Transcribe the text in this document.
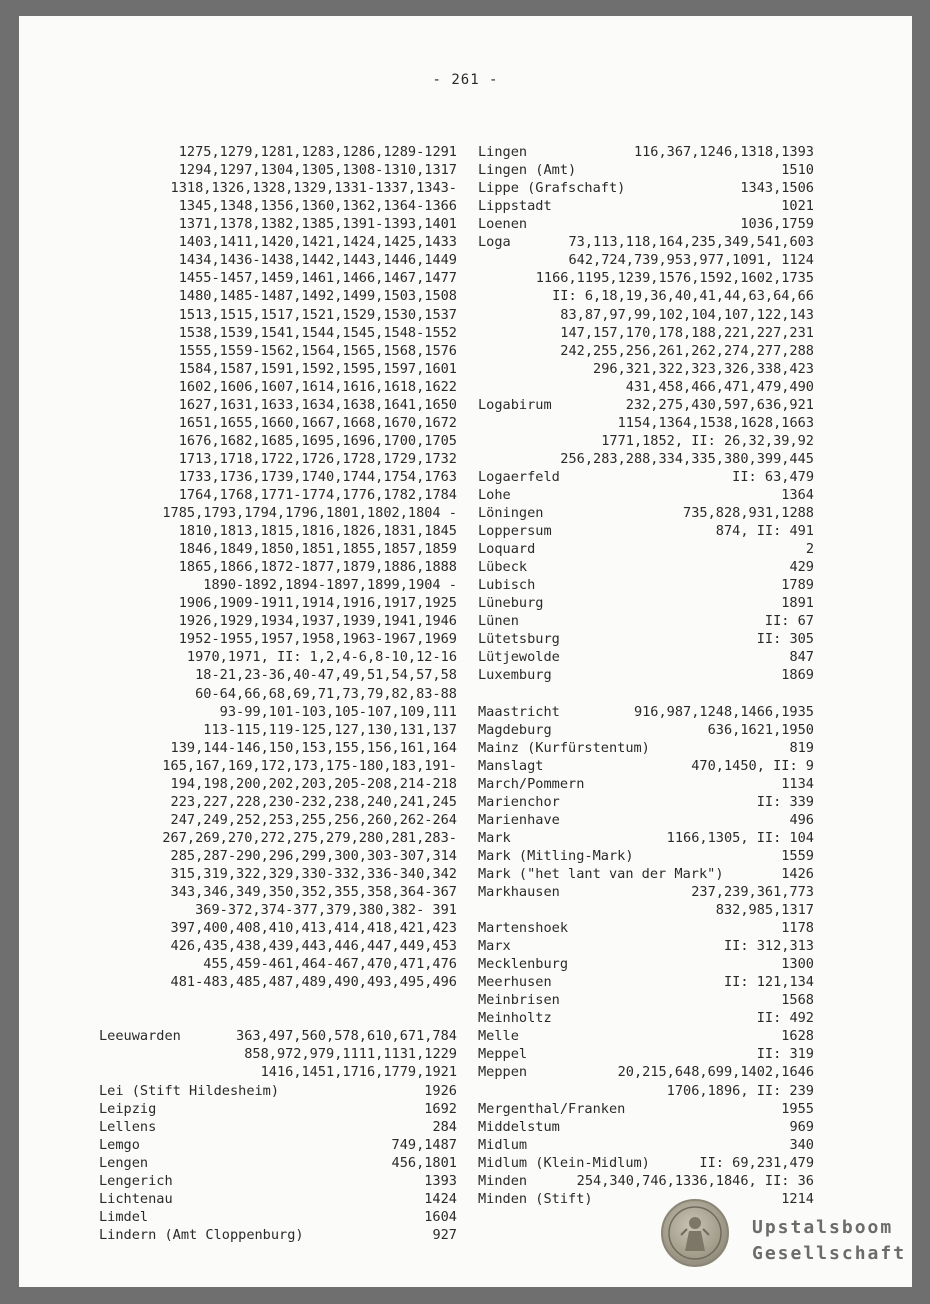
- 261 -

1275,1279,1281,1283,1286,1289-1291
1294,1297,1304,1305,1308-1310,1317
1318,1326,1328,1329,1331-1337,1343-
1345,1348,1356,1360,1362,1364-1366
1371,1378,1382,1385,1391-1393,1401
1403,1411,1420,1421,1424,1425,1433
1434,1436-1438,1442,1443,1446,1449
1455-1457,1459,1461,1466,1467,1477
1480,1485-1487,1492,1499,1503,1508
1513,1515,1517,1521,1529,1530,1537
1538,1539,1541,1544,1545,1548-1552
1555,1559-1562,1564,1565,1568,1576
1584,1587,1591,1592,1595,1597,1601
1602,1606,1607,1614,1616,1618,1622
1627,1631,1633,1634,1638,1641,1650
1651,1655,1660,1667,1668,1670,1672
1676,1682,1685,1695,1696,1700,1705
1713,1718,1722,1726,1728,1729,1732
1733,1736,1739,1740,1744,1754,1763
1764,1768,1771-1774,1776,1782,1784
1785,1793,1794,1796,1801,1802,1804 -
1810,1813,1815,1816,1826,1831,1845
1846,1849,1850,1851,1855,1857,1859
1865,1866,1872-1877,1879,1886,1888
1890-1892,1894-1897,1899,1904 -
1906,1909-1911,1914,1916,1917,1925
1926,1929,1934,1937,1939,1941,1946
1952-1955,1957,1958,1963-1967,1969
1970,1971, II: 1,2,4-6,8-10,12-16
18-21,23-36,40-47,49,51,54,57,58
60-64,66,68,69,71,73,79,82,83-88
93-99,101-103,105-107,109,111
113-115,119-125,127,130,131,137
139,144-146,150,153,155,156,161,164
165,167,169,172,173,175-180,183,191-
194,198,200,202,203,205-208,214-218
223,227,228,230-232,238,240,241,245
247,249,252,253,255,256,260,262-264
267,269,270,272,275,279,280,281,283-
285,287-290,296,299,300,303-307,314
315,319,322,329,330-332,336-340,342
343,346,349,350,352,355,358,364-367
369-372,374-377,379,380,382- 391
397,400,408,410,413,414,418,421,423
426,435,438,439,443,446,447,449,453
455,459-461,464-467,470,471,476
481-483,485,487,489,490,493,495,496

Leeuwarden	363,497,560,578,610,671,784
858,972,979,1111,1131,1229
1416,1451,1716,1779,1921
Lei (Stift Hildesheim)	1926
Leipzig	1692
Lellens	284
Lemgo	749,1487
Lengen	456,1801
Lengerich	1393
Lichtenau	1424
Limdel	1604
Lindern (Amt Cloppenburg)	927

Lingen	116,367,1246,1318,1393
Lingen (Amt)	1510
Lippe (Grafschaft)	1343,1506
Lippstadt	1021
Loenen	1036,1759
Loga	73,113,118,164,235,349,541,603
642,724,739,953,977,1091, 1124
1166,1195,1239,1576,1592,1602,1735
II: 6,18,19,36,40,41,44,63,64,66
83,87,97,99,102,104,107,122,143
147,157,170,178,188,221,227,231
242,255,256,261,262,274,277,288
296,321,322,323,326,338,423
431,458,466,471,479,490
Logabirum	232,275,430,597,636,921
1154,1364,1538,1628,1663
1771,1852, II: 26,32,39,92
256,283,288,334,335,380,399,445
Logaerfeld	II: 63,479
Lohe	1364
Löningen	735,828,931,1288
Loppersum	874, II: 491
Loquard	2
Lübeck	429
Lubisch	1789
Lüneburg	1891
Lünen	II: 67
Lütetsburg	II: 305
Lütjewolde	847
Luxemburg	1869
Maastricht	916,987,1248,1466,1935
Magdeburg	636,1621,1950
Mainz (Kurfürstentum)	819
Manslagt	470,1450, II: 9
March/Pommern	1134
Marienchor	II: 339
Marienhave	496
Mark	1166,1305, II: 104
Mark (Mitling-Mark)	1559
Mark ("het lant van der Mark")	1426
Markhausen	237,239,361,773
832,985,1317
Martenshoek	1178
Marx	II: 312,313
Mecklenburg	1300
Meerhusen	II: 121,134
Meinbrisen	1568
Meinholtz	II: 492
Melle	1628
Meppel	II: 319
Meppen	20,215,648,699,1402,1646
1706,1896, II: 239
Mergenthal/Franken	1955
Middelstum	969
Midlum	340
Midlum (Klein-Midlum)	II: 69,231,479
Minden	254,340,746,1336,1846, II: 36
Minden (Stift)	1214

Upstalsboom
Gesellschaft
